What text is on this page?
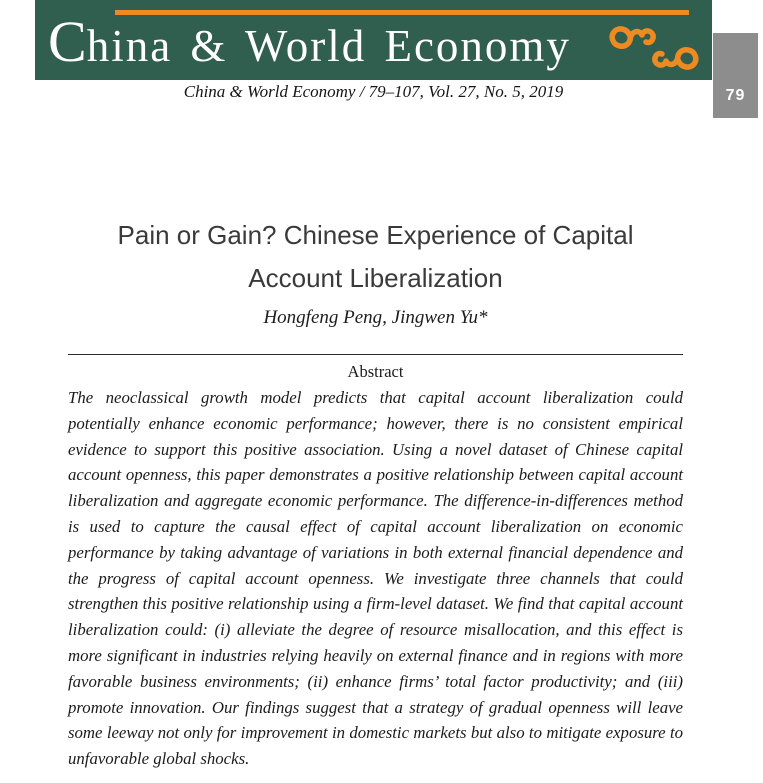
China & World Economy
79
China & World Economy / 79–107, Vol. 27, No. 5, 2019
Pain or Gain? Chinese Experience of Capital
Account Liberalization
Hongfeng Peng, Jingwen Yu*
Abstract

The neoclassical growth model predicts that capital account liberalization could potentially enhance economic performance; however, there is no consistent empirical evidence to support this positive association. Using a novel dataset of Chinese capital account openness, this paper demonstrates a positive relationship between capital account liberalization and aggregate economic performance. The difference-in-differences method is used to capture the causal effect of capital account liberalization on economic performance by taking advantage of variations in both external financial dependence and the progress of capital account openness. We investigate three channels that could strengthen this positive relationship using a firm-level dataset. We find that capital account liberalization could: (i) alleviate the degree of resource misallocation, and this effect is more significant in industries relying heavily on external finance and in regions with more favorable business environments; (ii) enhance firms’ total factor productivity; and (iii) promote innovation. Our findings suggest that a strategy of gradual openness will leave some leeway not only for improvement in domestic markets but also to mitigate exposure to unfavorable global shocks.
